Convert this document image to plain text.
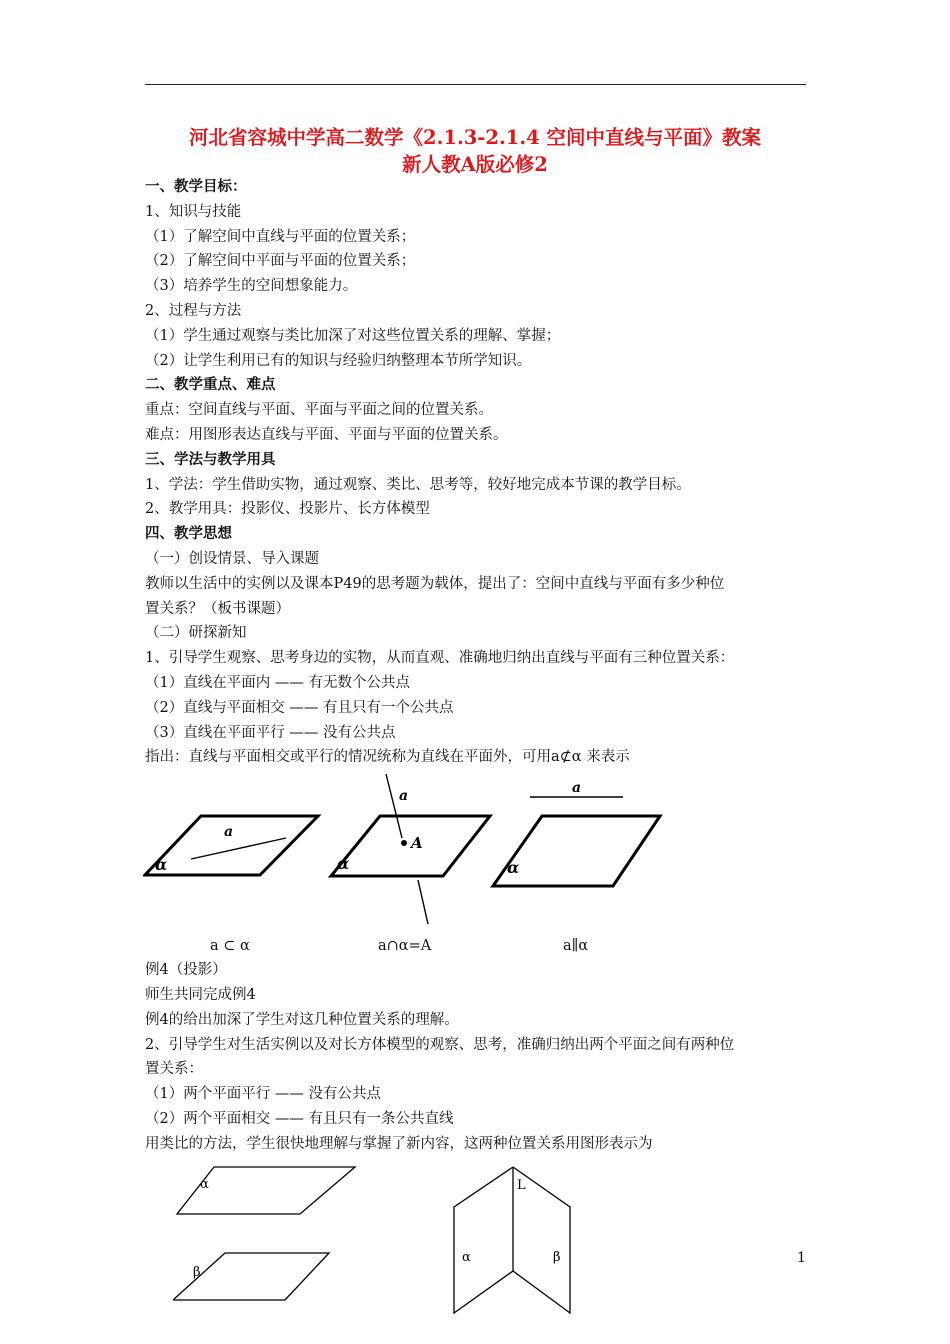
河北省容城中学高二数学《2.1.3-2.1.4 空间中直线与平面》教案
新人教A版必修2

一、教学目标：

1、知识与技能

（1）了解空间中直线与平面的位置关系；

（2）了解空间中平面与平面的位置关系；

（3）培养学生的空间想象能力。

2、过程与方法

（1）学生通过观察与类比加深了对这些位置关系的理解、掌握；

（2）让学生利用已有的知识与经验归纳整理本节所学知识。

二、教学重点、难点

重点：空间直线与平面、平面与平面之间的位置关系。

难点：用图形表达直线与平面、平面与平面的位置关系。

三、学法与教学用具

1、学法：学生借助实物，通过观察、类比、思考等，较好地完成本节课的教学目标。

2、教学用具：投影仪、投影片、长方体模型

四、教学思想

（一）创设情景、导入课题

教师以生活中的实例以及课本P49的思考题为载体，提出了：空间中直线与平面有多少种位

置关系？（板书课题）

（二）研探新知

1、引导学生观察、思考身边的实物，从而直观、准确地归纳出直线与平面有三种位置关系：

（1）直线在平面内 —— 有无数个公共点

（2）直线与平面相交 —— 有且只有一个公共点

（3）直线在平面平行 —— 没有公共点

指出：直线与平面相交或平行的情况统称为直线在平面外，可用a⊄α 来表示

a
α
a
A
α
a
α
a ⊂ α	a∩α=A	a∥α

例4（投影）

师生共同完成例4

例4的给出加深了学生对这几种位置关系的理解。

2、引导学生对生活实例以及对长方体模型的观察、思考，准确归纳出两个平面之间有两种位

置关系：

（1）两个平面平行 —— 没有公共点

（2）两个平面相交 —— 有且只有一条公共直线

用类比的方法，学生很快地理解与掌握了新内容，这两种位置关系用图形表示为

α
β
L
α	β	1
